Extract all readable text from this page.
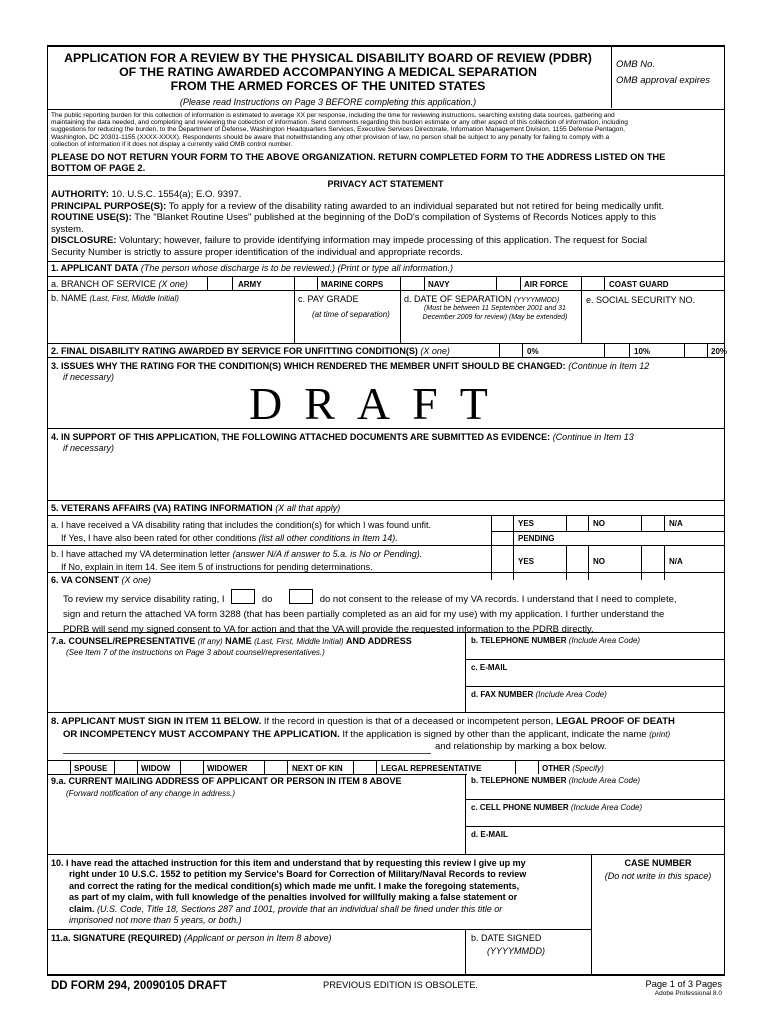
APPLICATION FOR A REVIEW BY THE PHYSICAL DISABILITY BOARD OF REVIEW (PDBR)
OF THE RATING AWARDED ACCOMPANYING A MEDICAL SEPARATION
FROM THE ARMED FORCES OF THE UNITED STATES
(Please read Instructions on Page 3 BEFORE completing this application.)
OMB No.
OMB approval expires
The public reporting burden for this collection of information is estimated to average XX per response, including the time for reviewing instructions, searching existing data sources, gathering and
maintaining the data needed, and completing and reviewing the collection of information. Send comments regarding this burden estimate or any other aspect of this collection of information, including
suggestions for reducing the burden, to the Department of Defense, Washington Headquarters Services, Executive Services Directorate, Information Management Division, 1155 Defense Pentagon,
Washington, DC 20301-1155 (XXXX-XXXX). Respondents should be aware that notwithstanding any other provision of law, no person shall be subject to any penalty for failing to comply with a
collection of information if it does not display a currently valid OMB control number.
PLEASE DO NOT RETURN YOUR FORM TO THE ABOVE ORGANIZATION. RETURN COMPLETED FORM TO THE ADDRESS LISTED ON THE
BOTTOM OF PAGE 2.
PRIVACY ACT STATEMENT
AUTHORITY: 10. U.S.C. 1554(a); E.O. 9397.
PRINCIPAL PURPOSE(S): To apply for a review of the disability rating awarded to an individual separated but not retired for being medically unfit.
ROUTINE USE(S): The "Blanket Routine Uses" published at the beginning of the DoD's compilation of Systems of Records Notices apply to this
system.
DISCLOSURE: Voluntary; however, failure to provide identifying information may impede processing of this application. The request for Social
Security Number is strictly to assure proper identification of the individual and appropriate records.
1. APPLICANT DATA (The person whose discharge is to be reviewed.) (Print or type all information.)
a. BRANCH OF SERVICE (X one)	ARMY	MARINE CORPS	NAVY	AIR FORCE	COAST GUARD
b. NAME (Last, First, Middle Initial)	c. PAY GRADE
(at time of separation)
d. DATE OF SEPARATION (YYYYMMDD)
(Must be between 11 September 2001 and 31
December 2009 for review) (May be extended)
e. SOCIAL SECURITY NO.
2. FINAL DISABILITY RATING AWARDED BY SERVICE FOR UNFITTING CONDITION(S) (X one)	0%	10%	20%
3. ISSUES WHY THE RATING FOR THE CONDITION(S) WHICH RENDERED THE MEMBER UNFIT SHOULD BE CHANGED: (Continue in Item 12
if necessary)
DRAFT
4. IN SUPPORT OF THIS APPLICATION, THE FOLLOWING ATTACHED DOCUMENTS ARE SUBMITTED AS EVIDENCE: (Continue in Item 13
if necessary)
5. VETERANS AFFAIRS (VA) RATING INFORMATION (X all that apply)
a. I have received a VA disability rating that includes the condition(s) for which I was found unfit.
If Yes, I have also been rated for other conditions (list all other conditions in Item 14).
YES	NO	N/A
PENDING
b. I have attached my VA determination letter (answer N/A if answer to 5.a. is No or Pending).
If No, explain in item 14. See item 5 of instructions for pending determinations.	YES	NO	N/A
6. VA CONSENT (X one)
To review my service disability rating, I	do	do not consent to the release of my VA records. I understand that I need to complete,
sign and return the attached VA form 3288 (that has been partially completed as an aid for my use) with my application. I further understand the
PDRB will send my signed consent to VA for action and that the VA will provide the requested information to the PDRB directly.
7.a. COUNSEL/REPRESENTATIVE (If any) NAME (Last, First, Middle Initial) AND ADDRESS
(See Item 7 of the instructions on Page 3 about counsel/representatives.)
b. TELEPHONE NUMBER (Include Area Code)
c. E-MAIL
d. FAX NUMBER (Include Area Code)
8. APPLICANT MUST SIGN IN ITEM 11 BELOW. If the record in question is that of a deceased or incompetent person, LEGAL PROOF OF DEATH
OR INCOMPETENCY MUST ACCOMPANY THE APPLICATION. If the application is signed by other than the applicant, indicate the name (print)
and relationship by marking a box below.
SPOUSE	WIDOW	WIDOWER	NEXT OF KIN	LEGAL REPRESENTATIVE	OTHER (Specify)
9.a. CURRENT MAILING ADDRESS OF APPLICANT OR PERSON IN ITEM 8 ABOVE
(Forward notification of any change in address.)
b. TELEPHONE NUMBER (Include Area Code)
c. CELL PHONE NUMBER (Include Area Code)
d. E-MAIL
10. I have read the attached instruction for this item and understand that by requesting this review I give up my
right under 10 U.S.C. 1552 to petition my Service's Board for Correction of Military/Naval Records to review
and correct the rating for the medical condition(s) which made me unfit. I make the foregoing statements,
as part of my claim, with full knowledge of the penalties involved for willfully making a false statement or
claim. (U.S. Code, Title 18, Sections 287 and 1001, provide that an individual shall be fined under this title or
imprisoned not more than 5 years, or both.)
CASE NUMBER
(Do not write in this space)
11.a. SIGNATURE (REQUIRED) (Applicant or person in Item 8 above)	b. DATE SIGNED
(YYYYMMDD)
DD FORM 294, 20090105 DRAFT	PREVIOUS EDITION IS OBSOLETE.	Page 1 of 3 Pages
Adobe Professional 8.0
